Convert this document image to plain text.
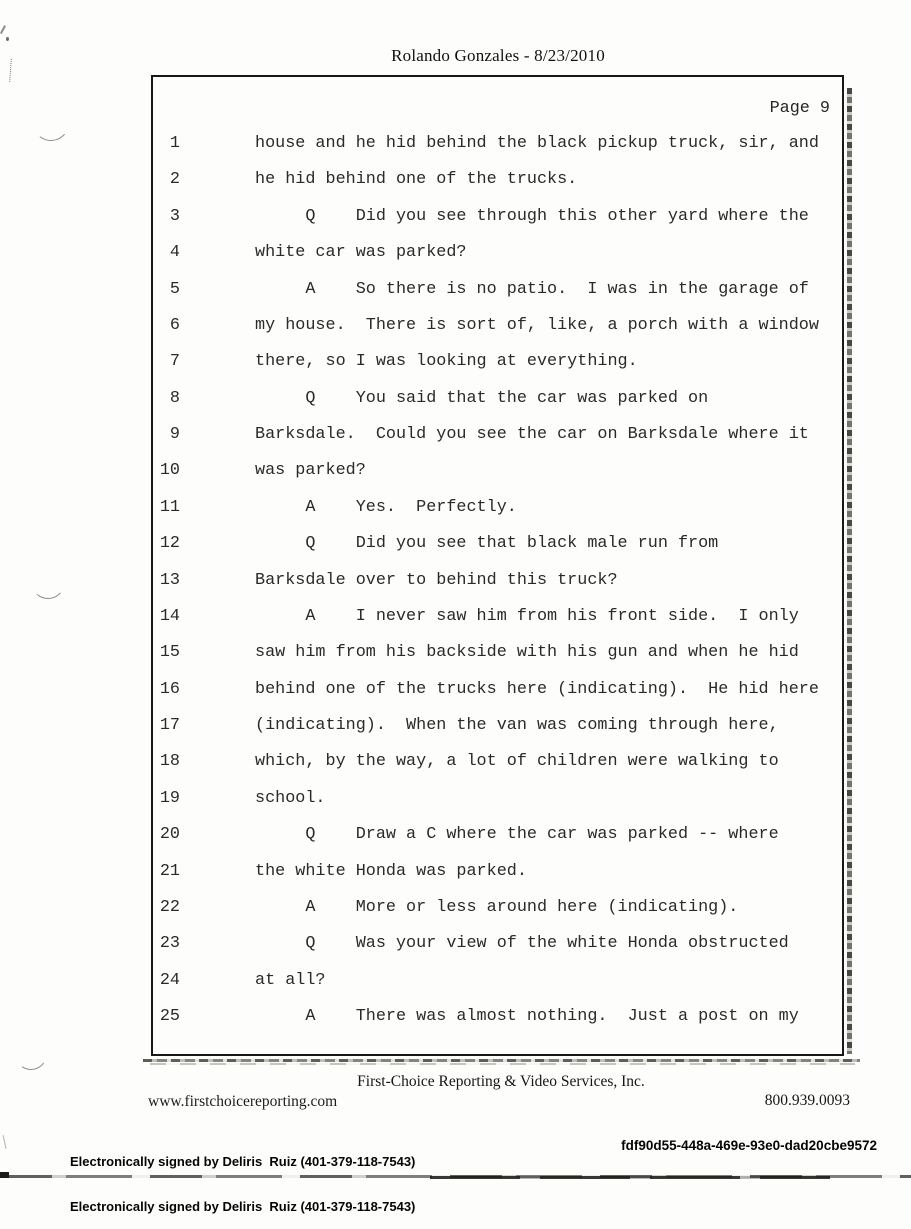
Rolando Gonzales - 8/23/2010
Page 9
1	house and he hid behind the black pickup truck, sir, and
2	he hid behind one of the trucks.
3	Q    Did you see through this other yard where the
4	white car was parked?
5	A    So there is no patio.  I was in the garage of
6	my house.  There is sort of, like, a porch with a window
7	there, so I was looking at everything.
8	Q    You said that the car was parked on
9	Barksdale.  Could you see the car on Barksdale where it
10	was parked?
11	A    Yes.  Perfectly.
12	Q    Did you see that black male run from
13	Barksdale over to behind this truck?
14	A    I never saw him from his front side.  I only
15	saw him from his backside with his gun and when he hid
16	behind one of the trucks here (indicating).  He hid here
17	(indicating).  When the van was coming through here,
18	which, by the way, a lot of children were walking to
19	school.
20	Q    Draw a C where the car was parked -- where
21	the white Honda was parked.
22	A    More or less around here (indicating).
23	Q    Was your view of the white Honda obstructed
24	at all?
25	A    There was almost nothing.  Just a post on my
First-Choice Reporting & Video Services, Inc.
www.firstchoicereporting.com	800.939.0093

Electronically signed by Deliris  Ruiz (401-379-118-7543)

Electronically signed by Deliris  Ruiz (401-379-118-7543)

fdf90d55-448a-469e-93e0-dad20cbe9572
